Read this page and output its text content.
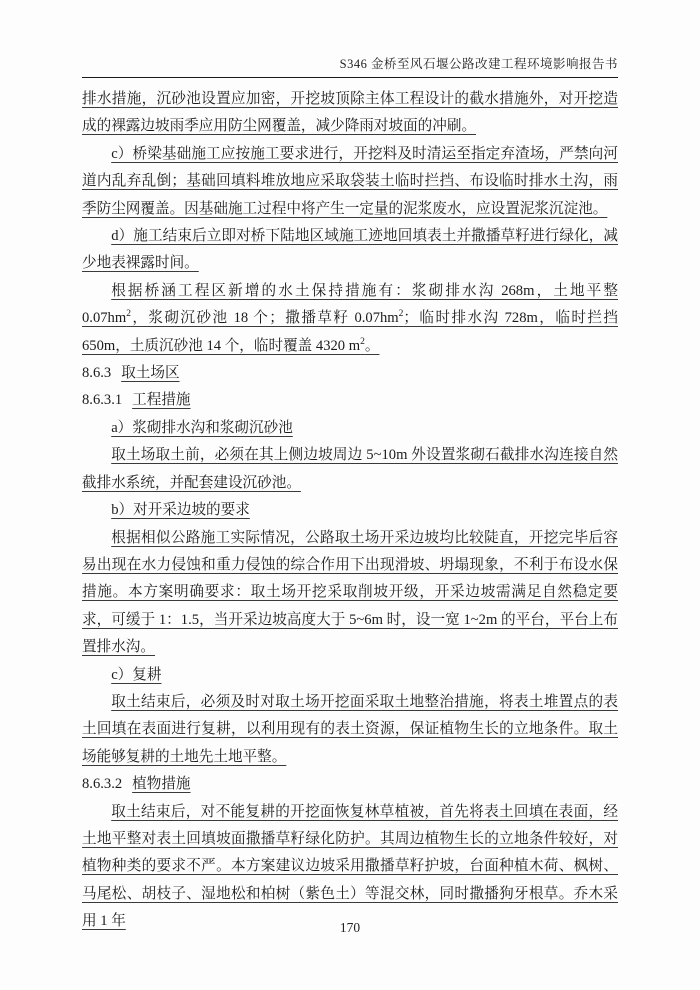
S346 金桥至风石堰公路改建工程环境影响报告书

排水措施，沉砂池设置应加密，开挖坡顶除主体工程设计的截水措施外，对开挖造成的裸露边坡雨季应用防尘网覆盖，减少降雨对坡面的冲刷。

c）桥梁基础施工应按施工要求进行，开挖料及时清运至指定弃渣场，严禁向河道内乱弃乱倒；基础回填料堆放地应采取袋装土临时拦挡、布设临时排水土沟，雨季防尘网覆盖。因基础施工过程中将产生一定量的泥浆废水，应设置泥浆沉淀池。

d）施工结束后立即对桥下陆地区域施工迹地回填表土并撒播草籽进行绿化，减少地表裸露时间。

根据桥涵工程区新增的水土保持措施有：浆砌排水沟 268m，土地平整 $0.07hm^2$，浆砌沉砂池 18 个；撒播草籽 $0.07hm^2$；临时排水沟 728m，临时拦挡 650m，土质沉砂池 14 个，临时覆盖 4320 $m^2$。

8.6.3 取土场区

8.6.3.1 工程措施

a）浆砌排水沟和浆砌沉砂池

取土场取土前，必须在其上侧边坡周边 5~10m 外设置浆砌石截排水沟连接自然截排水系统，并配套建设沉砂池。

b）对开采边坡的要求

根据相似公路施工实际情况，公路取土场开采边坡均比较陡直，开挖完毕后容易出现在水力侵蚀和重力侵蚀的综合作用下出现滑坡、坍塌现象，不利于布设水保措施。本方案明确要求：取土场开挖采取削坡开级，开采边坡需满足自然稳定要求，可缓于 1：1.5，当开采边坡高度大于 5~6m 时，设一宽 1~2m 的平台，平台上布置排水沟。

c）复耕

取土结束后，必须及时对取土场开挖面采取土地整治措施，将表土堆置点的表土回填在表面进行复耕，以利用现有的表土资源，保证植物生长的立地条件。取土场能够复耕的土地先土地平整。

8.6.3.2 植物措施

取土结束后，对不能复耕的开挖面恢复林草植被，首先将表土回填在表面，经土地平整对表土回填坡面撒播草籽绿化防护。其周边植物生长的立地条件较好，对植物种类的要求不严。本方案建议边坡采用撒播草籽护坡，台面种植木荷、枫树、马尾松、胡枝子、湿地松和柏树（紫色土）等混交林，同时撒播狗牙根草。乔木采用 1 年	170
